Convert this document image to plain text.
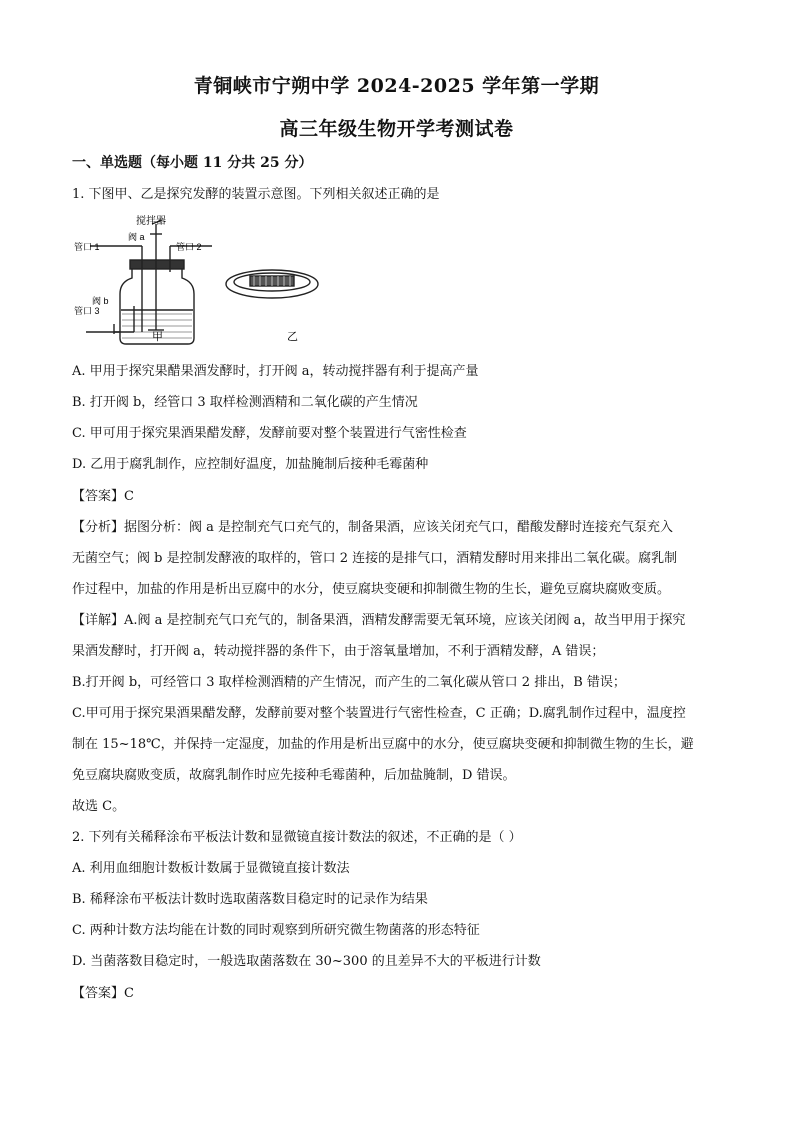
青铜峡市宁朔中学 2024-2025 学年第一学期
高三年级生物开学考测试卷
一、单选题（每小题 11 分共 25 分）
1. 下图甲、乙是探究发酵的装置示意图。下列相关叙述正确的是
搅拌器
阀 a
管口 1	管口 2
阀 b
管口 3
甲	乙
A. 甲用于探究果醋果酒发酵时，打开阀 a，转动搅拌器有利于提高产量
B. 打开阀 b，经管口 3 取样检测酒精和二氧化碳的产生情况
C. 甲可用于探究果酒果醋发酵，发酵前要对整个装置进行气密性检查
D. 乙用于腐乳制作，应控制好温度，加盐腌制后接种毛霉菌种
【答案】C
【分析】据图分析：阀 a 是控制充气口充气的，制备果酒，应该关闭充气口，醋酸发酵时连接充气泵充入
无菌空气；阀 b 是控制发酵液的取样的，管口 2 连接的是排气口，酒精发酵时用来排出二氧化碳。腐乳制
作过程中，加盐的作用是析出豆腐中的水分，使豆腐块变硬和抑制微生物的生长，避免豆腐块腐败变质。
【详解】A.阀 a 是控制充气口充气的，制备果酒，酒精发酵需要无氧环境，应该关闭阀 a，故当甲用于探究
果酒发酵时，打开阀 a，转动搅拌器的条件下，由于溶氧量增加，不利于酒精发酵，A 错误；
B.打开阀 b，可经管口 3 取样检测酒精的产生情况，而产生的二氧化碳从管口 2 排出，B 错误；
C.甲可用于探究果酒果醋发酵，发酵前要对整个装置进行气密性检查，C 正确；D.腐乳制作过程中，温度控
制在 15~18℃，并保持一定湿度，加盐的作用是析出豆腐中的水分，使豆腐块变硬和抑制微生物的生长，避
免豆腐块腐败变质，故腐乳制作时应先接种毛霉菌种，后加盐腌制，D 错误。
故选 C。
2. 下列有关稀释涂布平板法计数和显微镜直接计数法的叙述，不正确的是（ ）
A. 利用血细胞计数板计数属于显微镜直接计数法
B. 稀释涂布平板法计数时选取菌落数目稳定时的记录作为结果
C. 两种计数方法均能在计数的同时观察到所研究微生物菌落的形态特征
D. 当菌落数目稳定时，一般选取菌落数在 30~300 的且差异不大的平板进行计数
【答案】C
